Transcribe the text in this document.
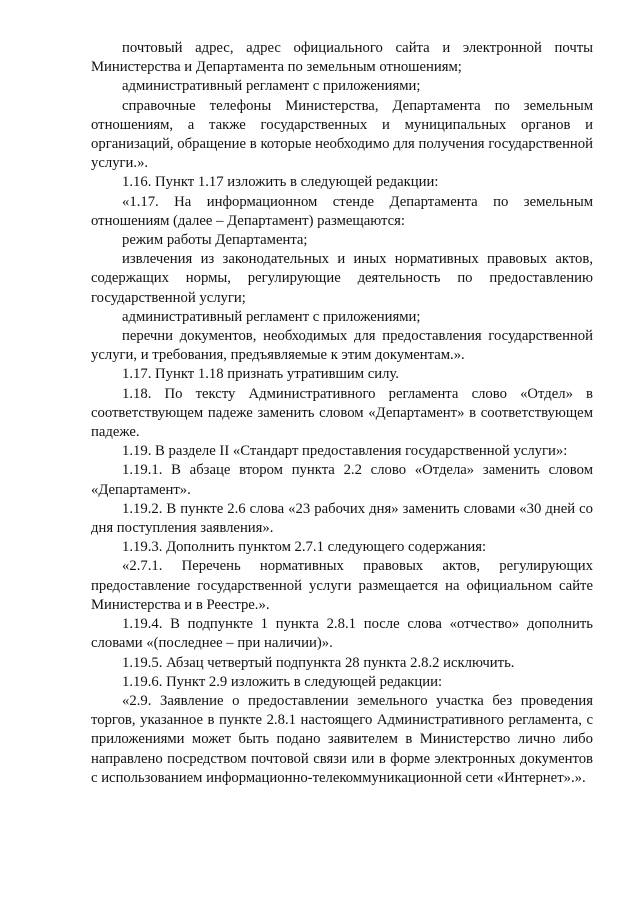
почтовый адрес, адрес официального сайта и электронной почты Министерства и Департамента по земельным отношениям;

административный регламент с приложениями;

справочные телефоны Министерства, Департамента по земельным отношениям, а также государственных и муниципальных органов и организаций, обращение в которые необходимо для получения государственной услуги.».

1.16. Пункт 1.17 изложить в следующей редакции:

«1.17. На информационном стенде Департамента по земельным отношениям (далее – Департамент) размещаются:

режим работы Департамента;

извлечения из законодательных и иных нормативных правовых актов, содержащих нормы, регулирующие деятельность по предоставлению государственной услуги;

административный регламент с приложениями;

перечни документов, необходимых для предоставления государственной услуги, и требования, предъявляемые к этим документам.».

1.17. Пункт 1.18 признать утратившим силу.

1.18. По тексту Административного регламента слово «Отдел» в соответствующем падеже заменить словом «Департамент» в соответствующем падеже.

1.19. В разделе II «Стандарт предоставления государственной услуги»:

1.19.1. В абзаце втором пункта 2.2 слово «Отдела» заменить словом «Департамент».

1.19.2. В пункте 2.6 слова «23 рабочих дня» заменить словами «30 дней со дня поступления заявления».

1.19.3. Дополнить пунктом 2.7.1 следующего содержания:

«2.7.1. Перечень нормативных правовых актов, регулирующих предоставление государственной услуги размещается на официальном сайте Министерства и в Реестре.».

1.19.4. В подпункте 1 пункта 2.8.1 после слова «отчество» дополнить словами «(последнее – при наличии)».

1.19.5. Абзац четвертый подпункта 28 пункта 2.8.2 исключить.

1.19.6. Пункт 2.9 изложить в следующей редакции:

«2.9. Заявление о предоставлении земельного участка без проведения торгов, указанное в пункте 2.8.1 настоящего Административного регламента, с приложениями может быть подано заявителем в Министерство лично либо направлено посредством почтовой связи или в форме электронных документов с использованием информационно-телекоммуникационной сети «Интернет».».
